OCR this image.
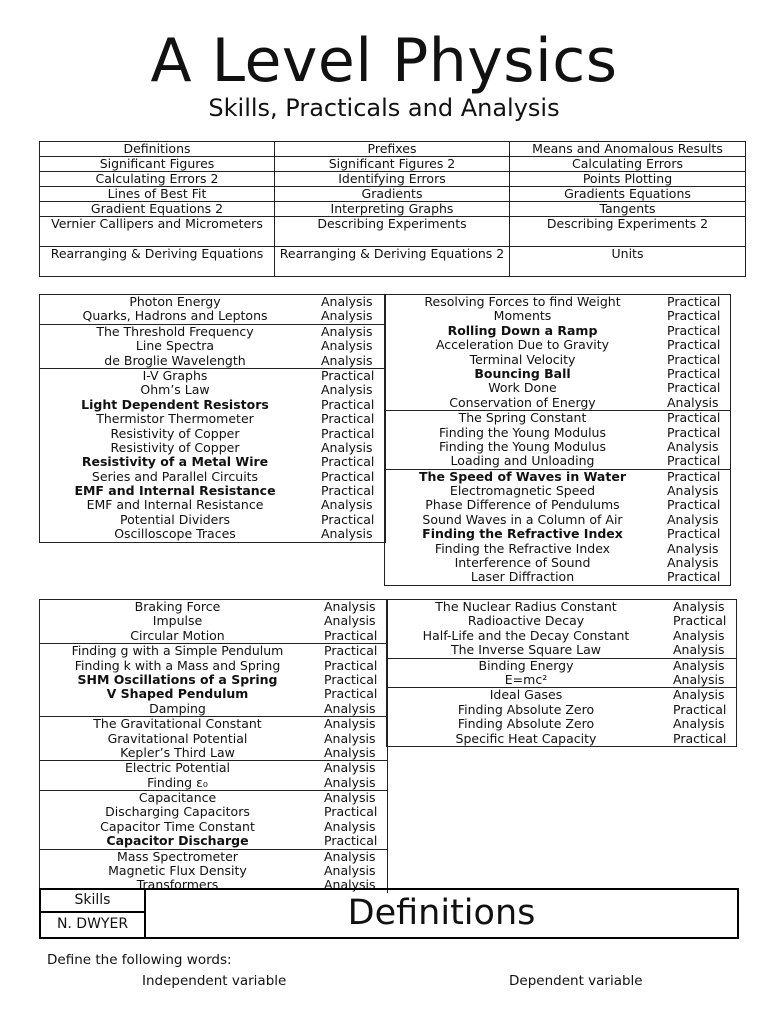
A Level Physics
Skills, Practicals and Analysis
Definitions	Prefixes	Means and Anomalous Results
Significant Figures	Significant Figures 2	Calculating Errors
Calculating Errors 2	Identifying Errors	Points Plotting
Lines of Best Fit	Gradients	Gradients Equations
Gradient Equations 2	Interpreting Graphs	Tangents
Vernier Callipers and Micrometers	Describing Experiments	Describing Experiments 2
Rearranging & Deriving Equations	Rearranging & Deriving Equations 2	Units
Photon Energy	Analysis
Quarks, Hadrons and Leptons	Analysis
The Threshold Frequency	Analysis
Line Spectra	Analysis
de Broglie Wavelength	Analysis
I-V Graphs	Practical
Ohm’s Law	Analysis
Light Dependent Resistors	Practical
Thermistor Thermometer	Practical
Resistivity of Copper	Practical
Resistivity of Copper	Analysis
Resistivity of a Metal Wire	Practical
Series and Parallel Circuits	Practical
EMF and Internal Resistance	Practical
EMF and Internal Resistance	Analysis
Potential Dividers	Practical
Oscilloscope Traces	Analysis
Resolving Forces to find Weight	Practical
Moments	Practical
Rolling Down a Ramp	Practical
Acceleration Due to Gravity	Practical
Terminal Velocity	Practical
Bouncing Ball	Practical
Work Done	Practical
Conservation of Energy	Analysis
The Spring Constant	Practical
Finding the Young Modulus	Practical
Finding the Young Modulus	Analysis
Loading and Unloading	Practical
The Speed of Waves in Water	Practical
Electromagnetic Speed	Analysis
Phase Difference of Pendulums	Practical
Sound Waves in a Column of Air	Analysis
Finding the Refractive Index	Practical
Finding the Refractive Index	Analysis
Interference of Sound	Analysis
Laser Diffraction	Practical
Braking Force	Analysis
Impulse	Analysis
Circular Motion	Practical
Finding g with a Simple Pendulum	Practical
Finding k with a Mass and Spring	Practical
SHM Oscillations of a Spring	Practical
V Shaped Pendulum	Practical
Damping	Analysis
The Gravitational Constant	Analysis
Gravitational Potential	Analysis
Kepler’s Third Law	Analysis
Electric Potential	Analysis
Finding ε₀	Analysis
Capacitance	Analysis
Discharging Capacitors	Practical
Capacitor Time Constant	Analysis
Capacitor Discharge	Practical
Mass Spectrometer	Analysis
Magnetic Flux Density	Analysis
Transformers	Analysis
The Nuclear Radius Constant	Analysis
Radioactive Decay	Practical
Half-Life and the Decay Constant	Analysis
The Inverse Square Law	Analysis
Binding Energy	Analysis
E=mc²	Analysis
Ideal Gases	Analysis
Finding Absolute Zero	Practical
Finding Absolute Zero	Analysis
Specific Heat Capacity	Practical
Skills
N. DWYER	Definitions
Define the following words:
Independent variable	Dependent variable
